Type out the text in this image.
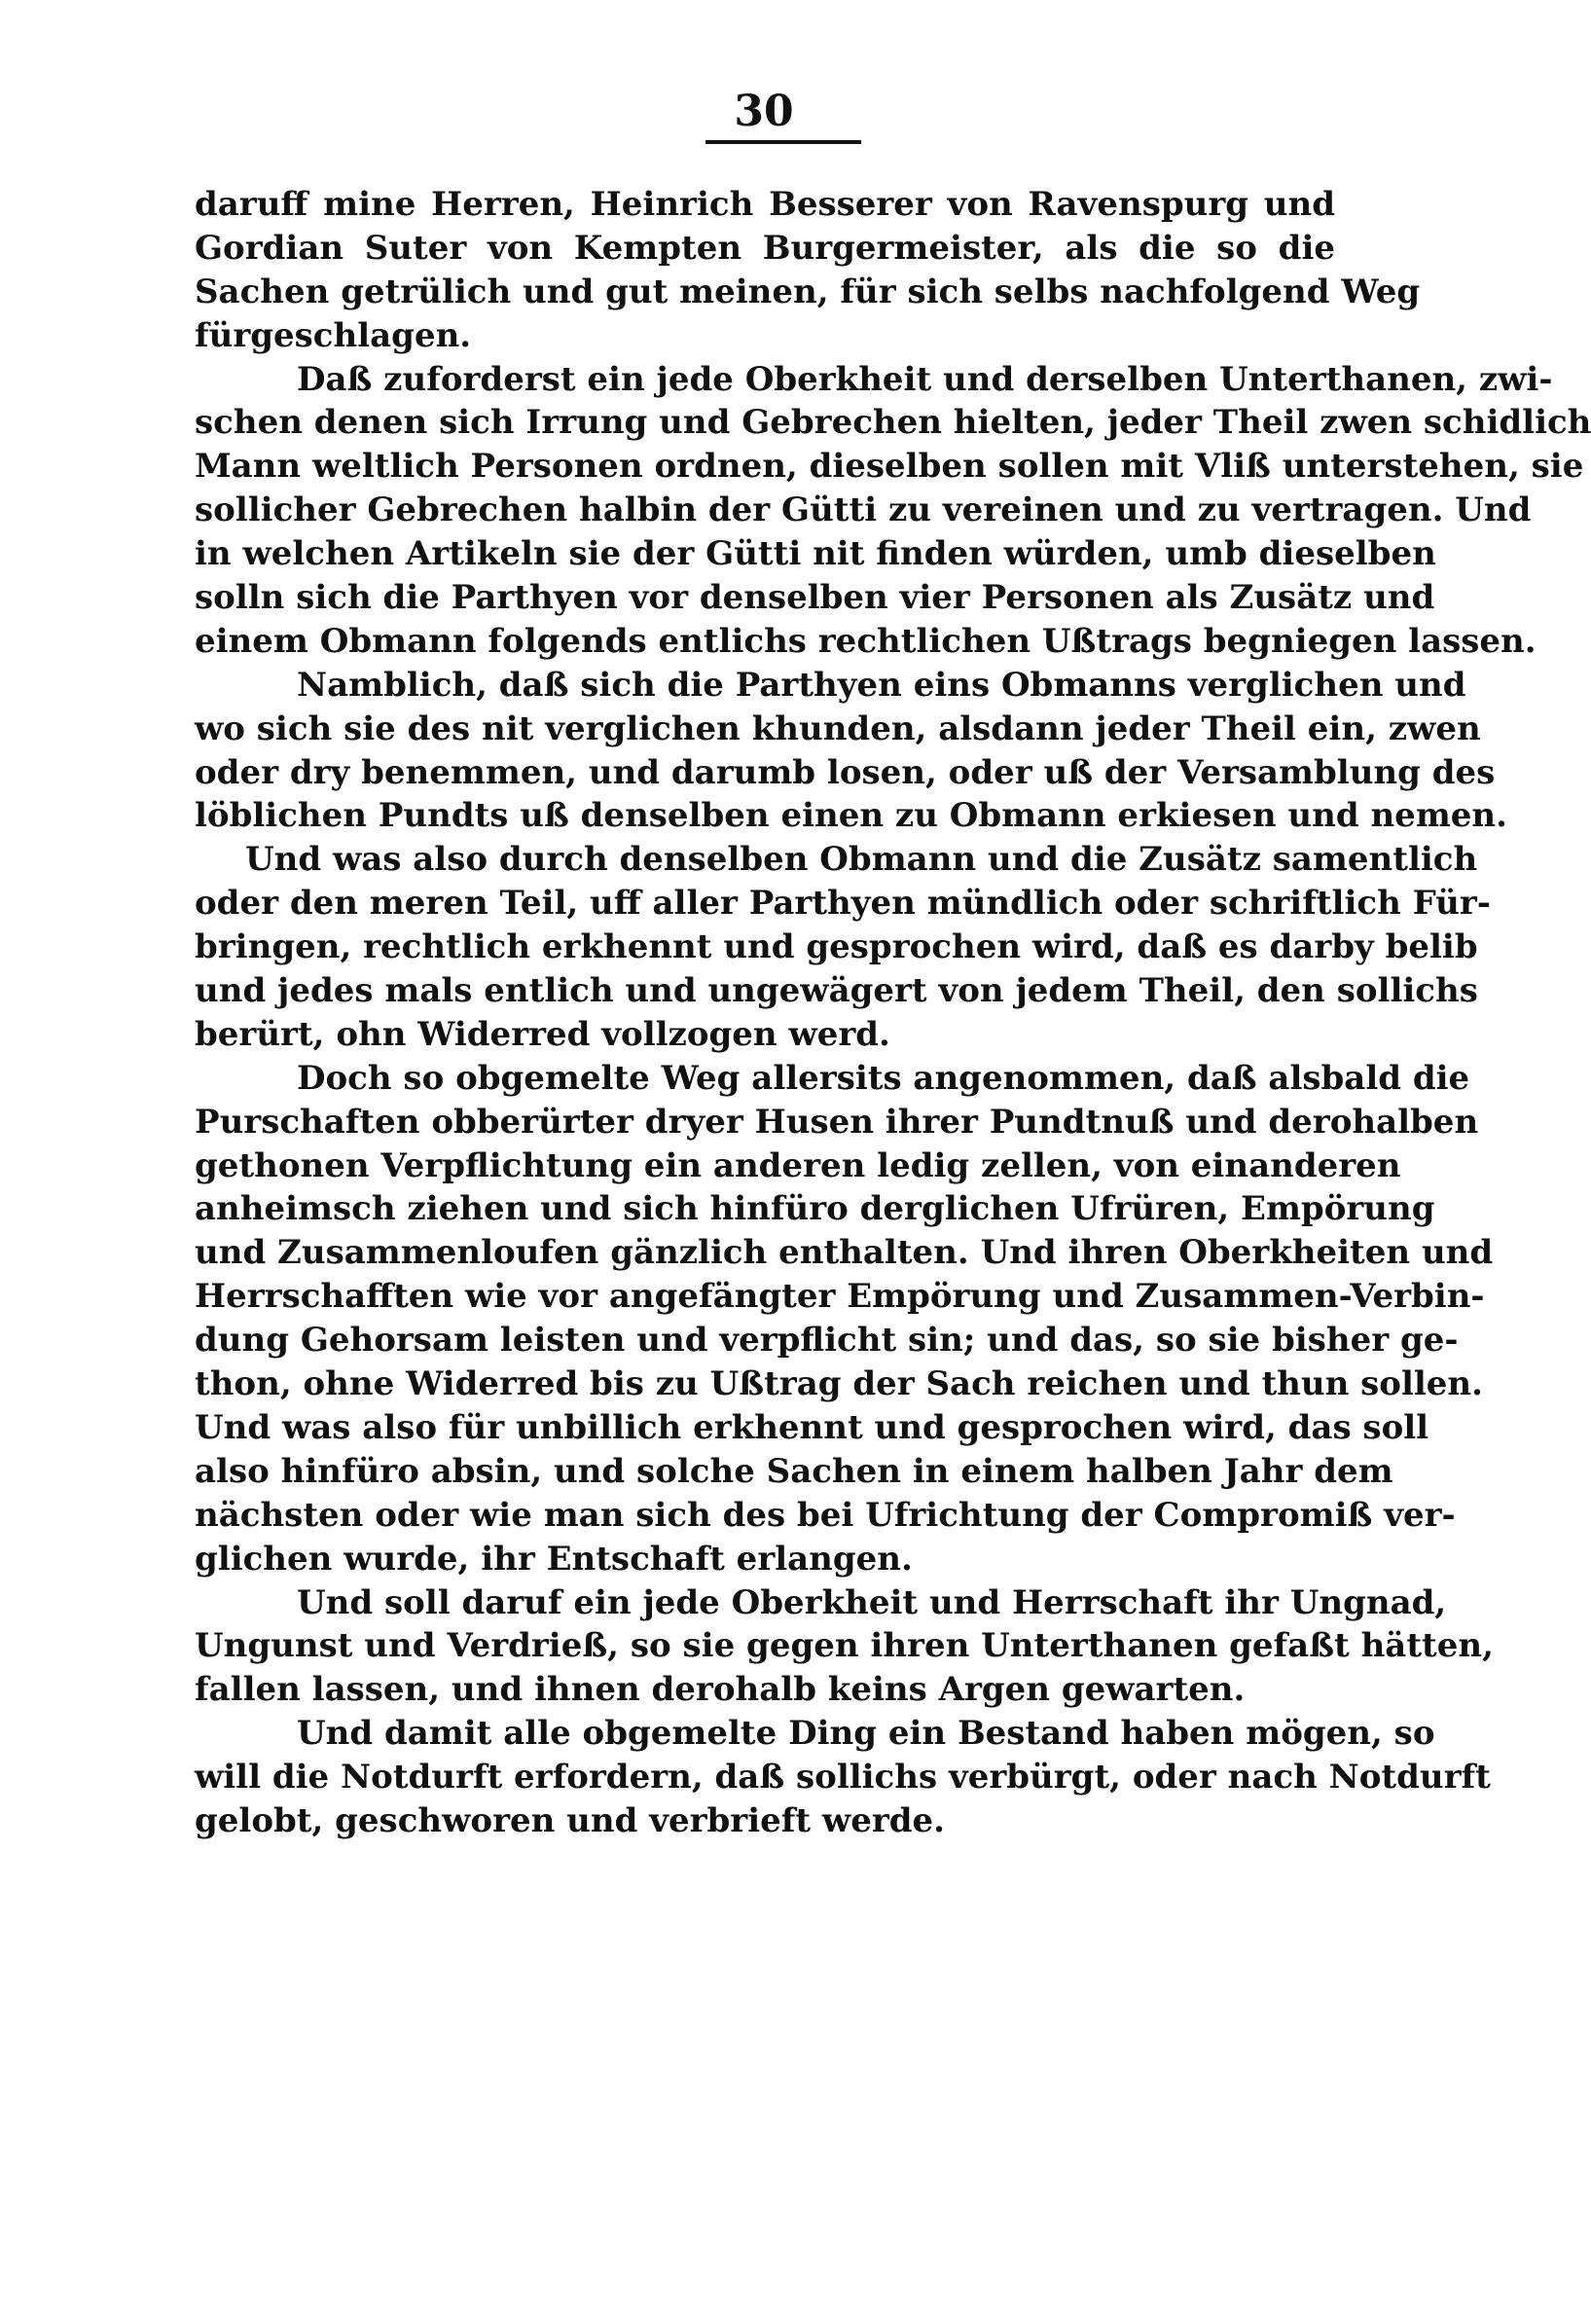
30
daruff mine Herren, Heinrich Besserer von Ravenspurg und
Gordian Suter von Kempten Burgermeister, als die so die
Sachen getrülich und gut meinen, für sich selbs nachfolgend Weg
fürgeschlagen.
Daß zuforderst ein jede Oberkheit und derselben Unterthanen, zwi-
schen denen sich Irrung und Gebrechen hielten, jeder Theil zwen schidlich
Mann weltlich Personen ordnen, dieselben sollen mit Vliß unterstehen, sie
sollicher Gebrechen halbin der Gütti zu vereinen und zu vertragen. Und
in welchen Artikeln sie der Gütti nit finden würden, umb dieselben
solln sich die Parthyen vor denselben vier Personen als Zusätz und
einem Obmann folgends entlichs rechtlichen Ußtrags begniegen lassen.
Namblich, daß sich die Parthyen eins Obmanns verglichen und
wo sich sie des nit verglichen khunden, alsdann jeder Theil ein, zwen
oder dry benemmen, und darumb losen, oder uß der Versamblung des
löblichen Pundts uß denselben einen zu Obmann erkiesen und nemen.
Und was also durch denselben Obmann und die Zusätz samentlich
oder den meren Teil, uff aller Parthyen mündlich oder schriftlich Für-
bringen, rechtlich erkhennt und gesprochen wird, daß es darby belib
und jedes mals entlich und ungewägert von jedem Theil, den sollichs
berürt, ohn Widerred vollzogen werd.
Doch so obgemelte Weg allersits angenommen, daß alsbald die
Purschaften obberürter dryer Husen ihrer Pundtnuß und derohalben
gethonen Verpflichtung ein anderen ledig zellen, von einanderen
anheimsch ziehen und sich hinfüro derglichen Ufrüren, Empörung
und Zusammenloufen gänzlich enthalten. Und ihren Oberkheiten und
Herrschafften wie vor angefängter Empörung und Zusammen-Verbin-
dung Gehorsam leisten und verpflicht sin; und das, so sie bisher ge-
thon, ohne Widerred bis zu Ußtrag der Sach reichen und thun sollen.
Und was also für unbillich erkhennt und gesprochen wird, das soll
also hinfüro absin, und solche Sachen in einem halben Jahr dem
nächsten oder wie man sich des bei Ufrichtung der Compromiß ver-
glichen wurde, ihr Entschaft erlangen.
Und soll daruf ein jede Oberkheit und Herrschaft ihr Ungnad,
Ungunst und Verdrieß, so sie gegen ihren Unterthanen gefaßt hätten,
fallen lassen, und ihnen derohalb keins Argen gewarten.
Und damit alle obgemelte Ding ein Bestand haben mögen, so
will die Notdurft erfordern, daß sollichs verbürgt, oder nach Notdurft
gelobt, geschworen und verbrieft werde.
